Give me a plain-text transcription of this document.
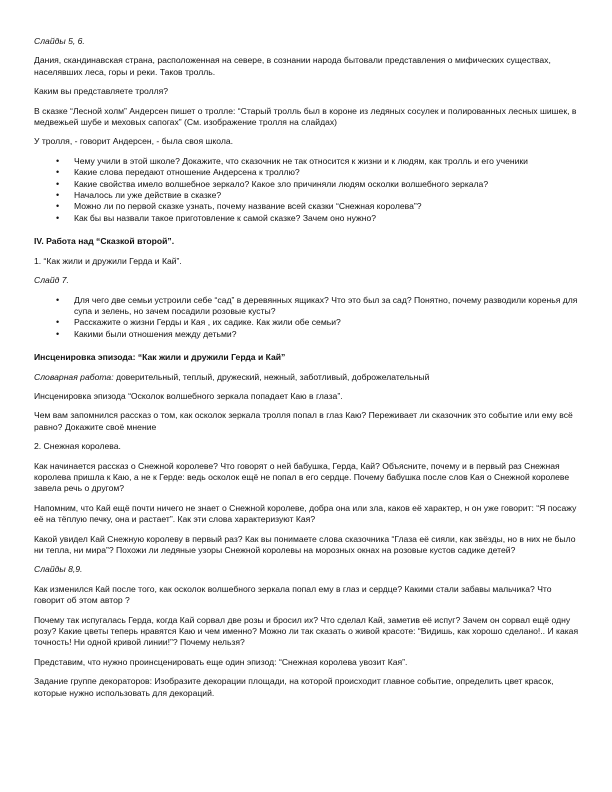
Слайды 5, 6.

Дания, скандинавская страна, расположенная на севере, в сознании народа бытовали представления о мифических существах, населявших леса, горы и реки. Таков тролль.

Каким вы представляете тролля?

В сказке “Лесной холм” Андерсен пишет о тролле: “Старый тролль был в короне из ледяных сосулек и полированных лесных шишек, в медвежьей шубе и меховых сапогах” (См. изображение тролля на слайдах)

У тролля, - говорит Андерсен, - была своя школа.

• Чему учили в этой школе? Докажите, что сказочник не так относится к жизни и к людям, как тролль и его ученики
• Какие слова передают отношение Андерсена к троллю?
• Какие свойства имело волшебное зеркало? Какое зло причиняли людям осколки волшебного зеркала?
• Началось ли уже действие в сказке?
• Можно ли по первой сказке узнать, почему название всей сказки “Снежная королева”?
• Как бы вы назвали такое приготовление к самой сказке? Зачем оно нужно?

IV. Работа над “Сказкой второй”.

1. “Как жили и дружили Герда и Кай”.

Слайд 7.

• Для чего две семьи устроили себе “сад” в деревянных ящиках? Что это был за сад? Понятно, почему разводили коренья для супа и зелень, но зачем посадили розовые кусты?
• Расскажите о жизни Герды и Кая , их садике. Как жили обе семьи?
• Какими были отношения между детьми?

Инсценировка эпизода: “Как жили и дружили Герда и Кай”

Словарная работа: доверительный, теплый, дружеский, нежный, заботливый, доброжелательный

Инсценировка эпизода “Осколок волшебного зеркала попадает Каю в глаза”.

Чем вам запомнился рассказ о том, как осколок зеркала тролля попал в глаз Каю? Переживает ли сказочник это событие или ему всё равно? Докажите своё мнение

2. Снежная королева.

Как начинается рассказ о Снежной королеве? Что говорят о ней бабушка, Герда, Кай? Объясните, почему и в первый раз Снежная королева пришла к Каю, а не к Герде: ведь осколок ещё не попал в его сердце. Почему бабушка после слов Кая о Снежной королеве завела речь о другом?

Напомним, что Кай ещё почти ничего не знает о Снежной королеве, добра она или зла, каков её характер, н он уже говорит: “Я посажу её на тёплую печку, она и растает”. Как эти слова характеризуют Кая?

Какой увидел Кай Снежную королеву в первый раз? Как вы понимаете слова сказочника “Глаза её сияли, как звёзды, но в них не было ни тепла, ни мира”? Похожи ли ледяные узоры Снежной королевы на морозных окнах на розовые кустов садике детей?

Слайды 8,9.

Как изменился Кай после того, как осколок волшебного зеркала попал ему в глаз и сердце? Какими стали забавы мальчика? Что говорит об этом автор ?

Почему так испугалась Герда, когда Кай сорвал две розы и бросил их? Что сделал Кай, заметив её испуг? Зачем он сорвал ещё одну розу? Какие цветы теперь нравятся Каю и чем именно? Можно ли так сказать о живой красоте: “Видишь, как хорошо сделано!.. И какая точность! Ни одной кривой линии!”? Почему нельзя?

Представим, что нужно проинсценировать еще один эпизод: “Снежная королева увозит Кая”.

Задание группе декораторов: Изобразите декорации площади, на которой происходит главное событие, определить цвет красок, которые нужно использовать для декораций.
